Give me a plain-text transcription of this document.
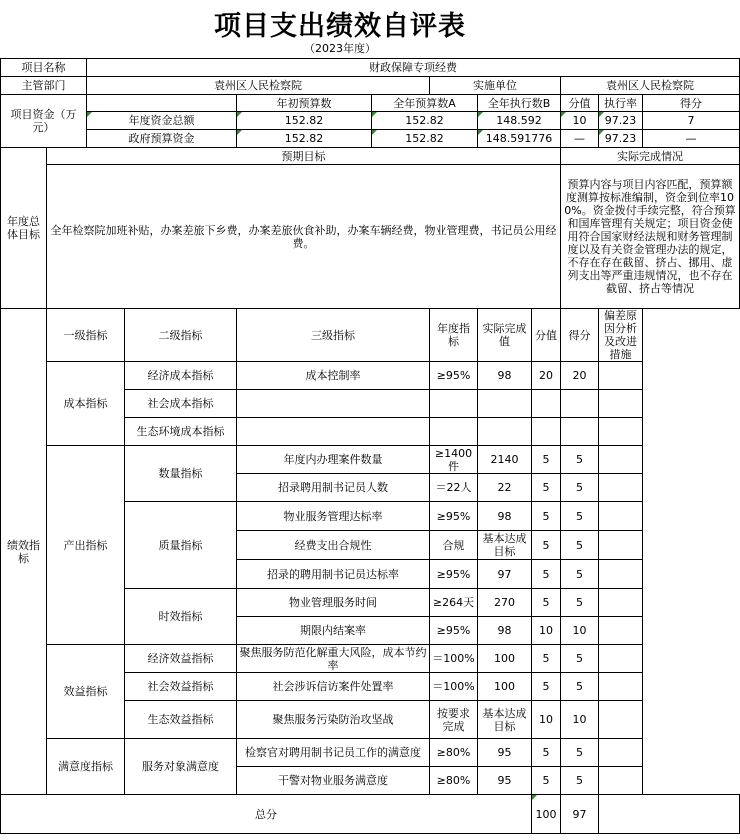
项目支出绩效自评表
（2023年度）
项目名称		财政保障专项经费									
主管部门		袁州区人民检察院				实施单位			袁州区人民检察院		
项目资金（万元）				年初预算数	全年预算数A		全年执行数B		分值	执行率	得分
		年度资金总额		152.82	152.82		148.592		10	97.23	7
		政府预算资金		152.82	152.82		148.591776		—	97.23	—
年度总体目标	预期目标								实际完成情况		
	全年检察院加班补贴，办案差旅下乡费，办案差旅伙食补助，办案车辆经费，物业管理费，书记员公用经费。								预算内容与项目内容匹配，预算额度测算按标准编制，资金到位率100%。资金拨付手续完整，符合预算和国库管理有关规定；项目资金使用符合国家财经法规和财务管理制度以及有关资金管理办法的规定，不存在存在截留、挤占、挪用、虚列支出等严重违规情况，也不存在截留、挤占等情况		
绩效指标	一级指标		二级指标	三级指标		年度指标	实际完成值	分值	得分	偏差原因分析及改进措施	
	成本指标		经济成本指标	成本控制率		≥95%	98	20	20		
			社会成本指标								
			生态环境成本指标								
	产出指标		数量指标	年度内办理案件数量		≥1400件	2140	5	5		
				招录聘用制书记员人数		＝22人	22	5	5		
			质量指标	物业服务管理达标率		≥95%	98	5	5		
				经费支出合规性		合规	基本达成目标	5	5		
				招录的聘用制书记员达标率		≥95%	97	5	5		
			时效指标	物业管理服务时间		≥264天	270	5	5		
				期限内结案率		≥95%	98	10	10		
	效益指标		经济效益指标	聚焦服务防范化解重大风险，成本节约率		＝100%	100	5	5		
			社会效益指标	社会涉诉信访案件处置率		＝100%	100	5	5		
			生态效益指标	聚焦服务污染防治攻坚战		按要求完成	基本达成目标	10	10		
	满意度指标		服务对象满意度	检察官对聘用制书记员工作的满意度		≥80%	95	5	5		
				干警对物业服务满意度		≥80%	95	5	5		
总分								100	97		
